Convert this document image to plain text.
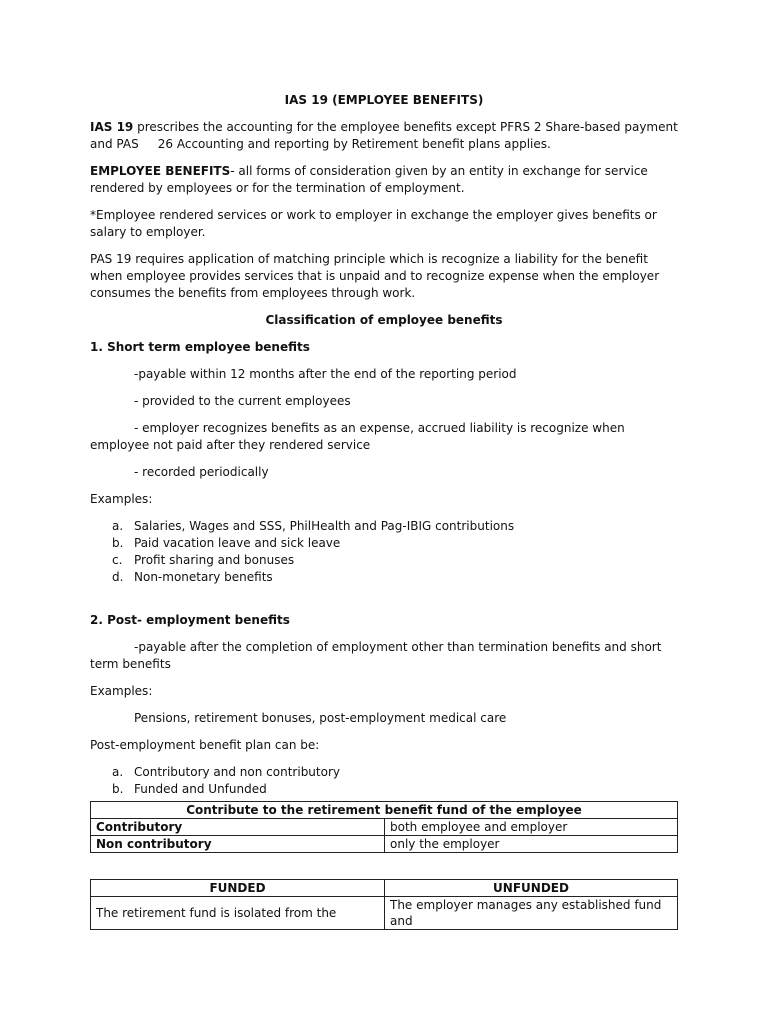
IAS 19 (EMPLOYEE BENEFITS)

IAS 19 prescribes the accounting for the employee benefits except PFRS 2 Share-based payment and PAS     26 Accounting and reporting by Retirement benefit plans applies.

EMPLOYEE BENEFITS- all forms of consideration given by an entity in exchange for service rendered by employees or for the termination of employment.

*Employee rendered services or work to employer in exchange the employer gives benefits or salary to employer.

PAS 19 requires application of matching principle which is recognize a liability for the benefit when employee provides services that is unpaid and to recognize expense when the employer consumes the benefits from employees through work.

Classification of employee benefits

1. Short term employee benefits

-payable within 12 months after the end of the reporting period

- provided to the current employees

- employer recognizes benefits as an expense, accrued liability is recognize when employee not paid after they rendered service

- recorded periodically

Examples:

a. Salaries, Wages and SSS, PhilHealth and Pag-IBIG contributions
b. Paid vacation leave and sick leave
c. Profit sharing and bonuses
d. Non-monetary benefits

2. Post- employment benefits

-payable after the completion of employment other than termination benefits and short term benefits

Examples:

Pensions, retirement bonuses, post-employment medical care

Post-employment benefit plan can be:

a. Contributory and non contributory
b. Funded and Unfunded
Contribute to the retirement benefit fund of the employee	
Contributory	both employee and employer
Non contributory	only the employer
FUNDED	UNFUNDED
The retirement fund is isolated from the	The employer manages any established fund and
